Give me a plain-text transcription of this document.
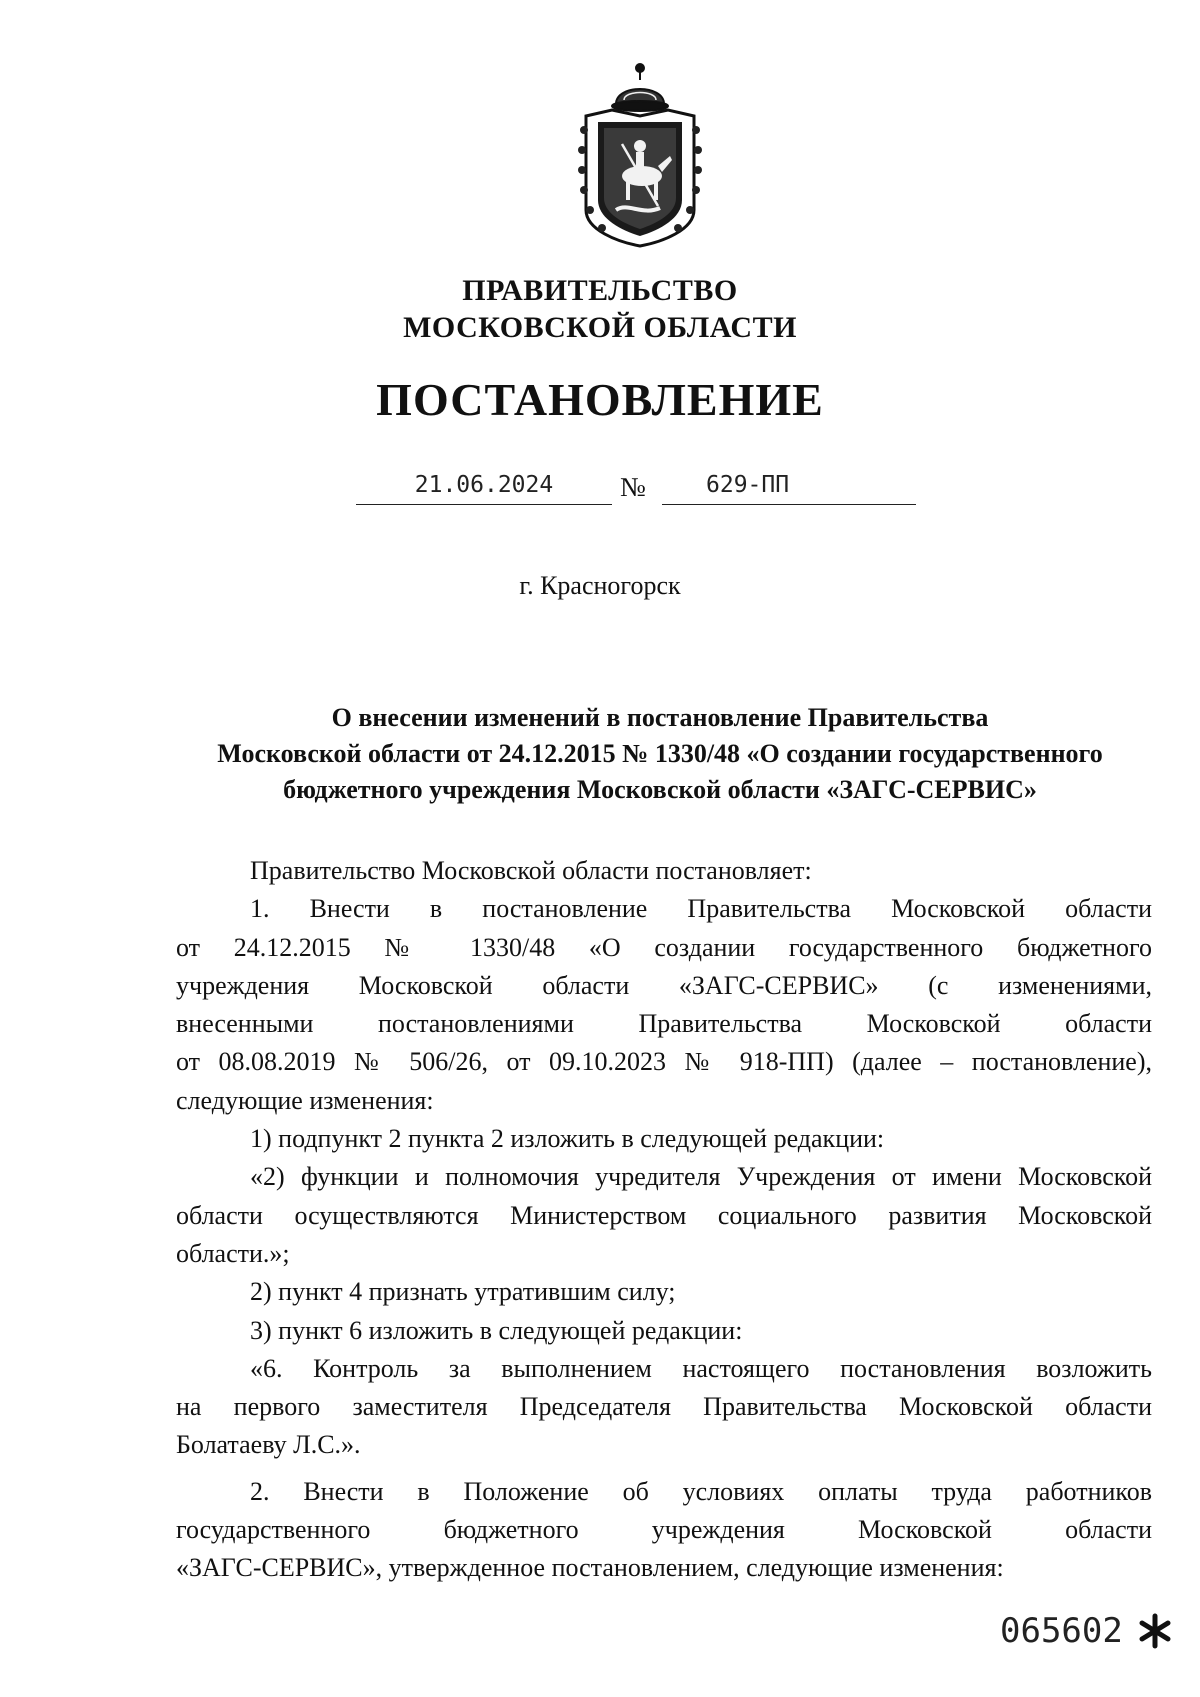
ПРАВИТЕЛЬСТВО
МОСКОВСКОЙ ОБЛАСТИ
ПОСТАНОВЛЕНИЕ
21.06.2024	№	629-ПП
г. Красногорск
О внесении изменений в постановление Правительства
Московской области от 24.12.2015 № 1330/48 «О создании государственного
бюджетного учреждения Московской области «ЗАГС-СЕРВИС»
Правительство Московской области постановляет:
1. Внести в постановление Правительства Московской области
от 24.12.2015 № 1330/48 «О создании государственного бюджетного
учреждения Московской области «ЗАГС-СЕРВИС» (с изменениями,
внесенными постановлениями Правительства Московской области
от 08.08.2019 № 506/26, от 09.10.2023 № 918-ПП) (далее – постановление),
следующие изменения:
1) подпункт 2 пункта 2 изложить в следующей редакции:
«2) функции и полномочия учредителя Учреждения от имени Московской
области осуществляются Министерством социального развития Московской
области.»;
2) пункт 4 признать утратившим силу;
3) пункт 6 изложить в следующей редакции:
«6. Контроль за выполнением настоящего постановления возложить
на первого заместителя Председателя Правительства Московской области
Болатаеву Л.С.».
2. Внести в Положение об условиях оплаты труда работников
государственного бюджетного учреждения Московской области
«ЗАГС-СЕРВИС», утвержденное постановлением, следующие изменения:
065602
